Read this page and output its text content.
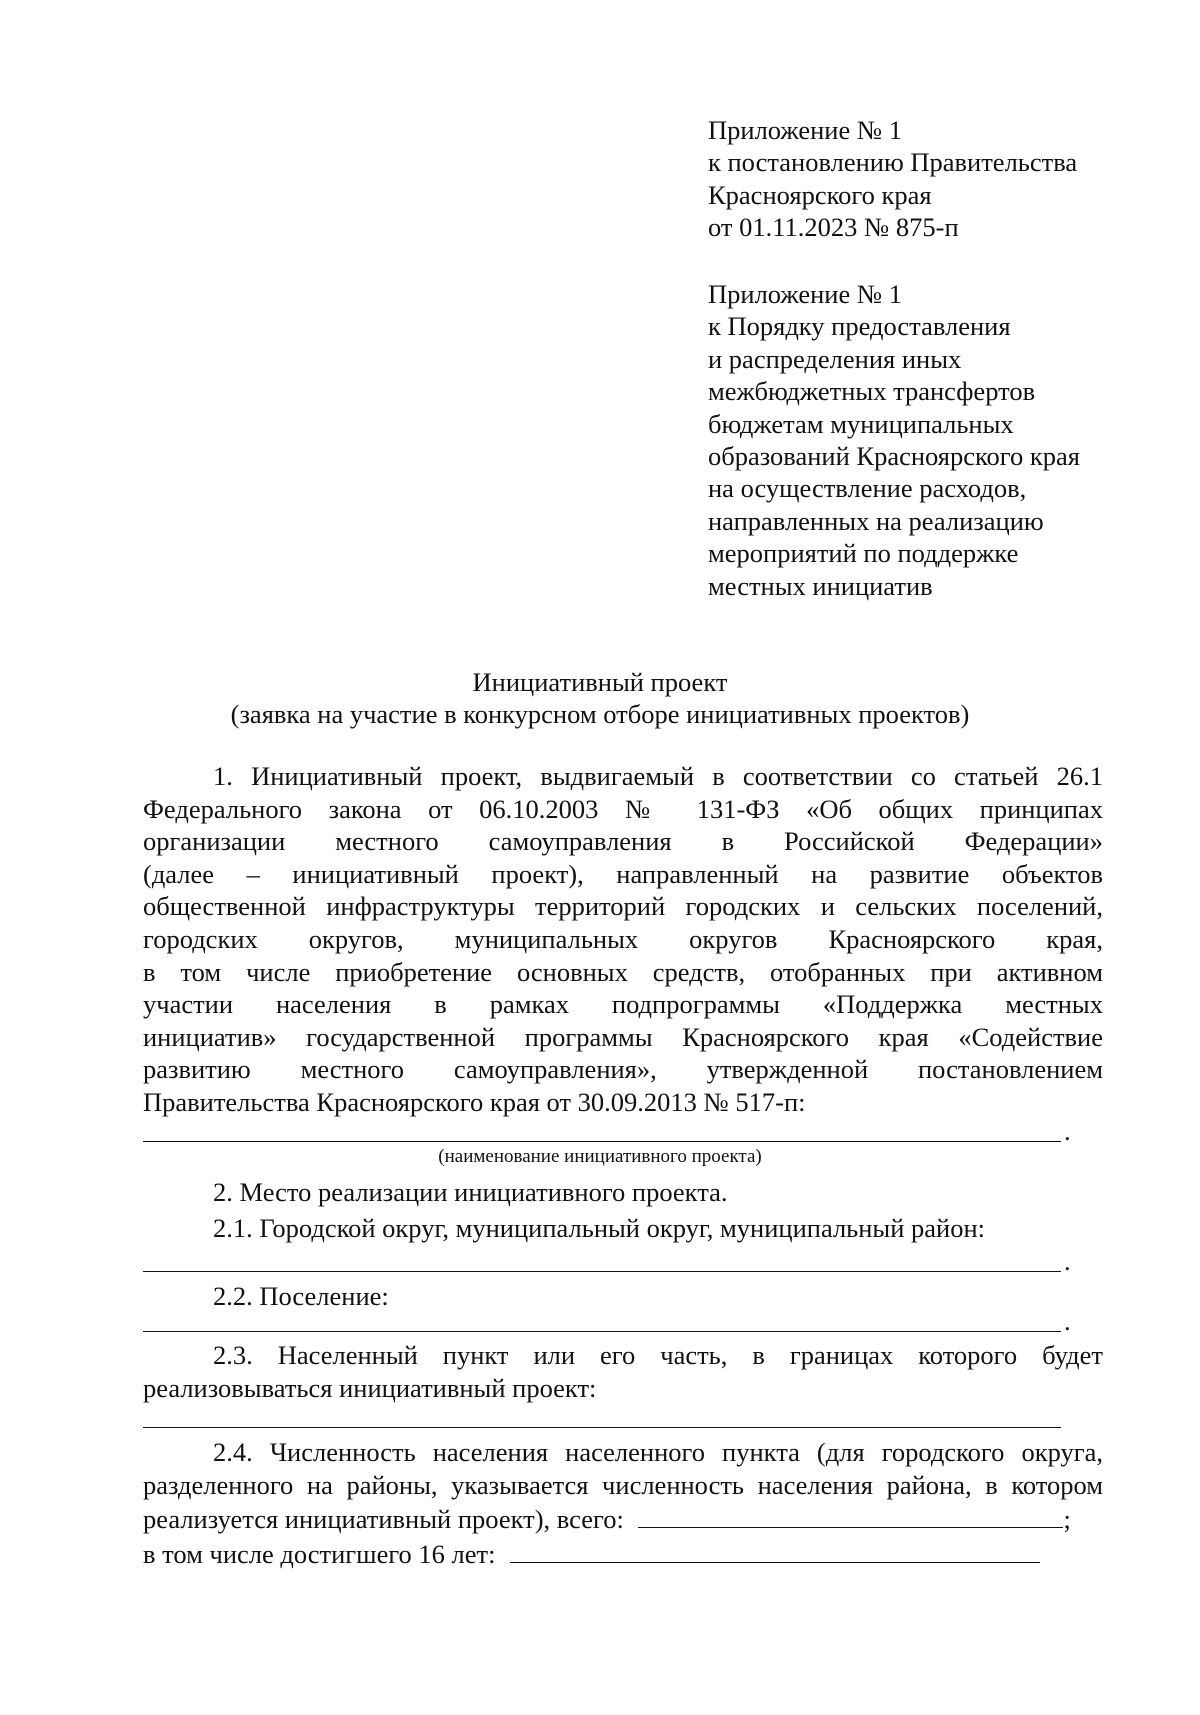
Приложение № 1
к постановлению Правительства
Красноярского края
от 01.11.2023 № 875-п
Приложение № 1
к Порядку предоставления
и распределения иных
межбюджетных трансфертов
бюджетам муниципальных
образований Красноярского края
на осуществление расходов,
направленных на реализацию
мероприятий по поддержке
местных инициатив
Инициативный проект
(заявка на участие в конкурсном отборе инициативных проектов)
1. Инициативный проект, выдвигаемый в соответствии со статьей 26.1
Федерального закона от 06.10.2003 № 131-ФЗ «Об общих принципах
организации местного самоуправления в Российской Федерации»
(далее – инициативный проект), направленный на развитие объектов
общественной инфраструктуры территорий городских и сельских поселений,
городских округов, муниципальных округов Красноярского края,
в том числе приобретение основных средств, отобранных при активном
участии населения в рамках подпрограммы «Поддержка местных
инициатив» государственной программы Красноярского края «Содействие
развитию местного самоуправления», утвержденной постановлением
Правительства Красноярского края от 30.09.2013 № 517-п:
.
(наименование инициативного проекта)
2. Место реализации инициативного проекта.
2.1. Городской округ, муниципальный округ, муниципальный район:
.
2.2. Поселение:
.
2.3. Населенный пункт или его часть, в границах которого будет
реализовываться инициативный проект:
2.4. Численность населения населенного пункта (для городского округа,
разделенного на районы, указывается численность населения района, в котором
реализуется инициативный проект), всего:	;
в том числе достигшего 16 лет:
